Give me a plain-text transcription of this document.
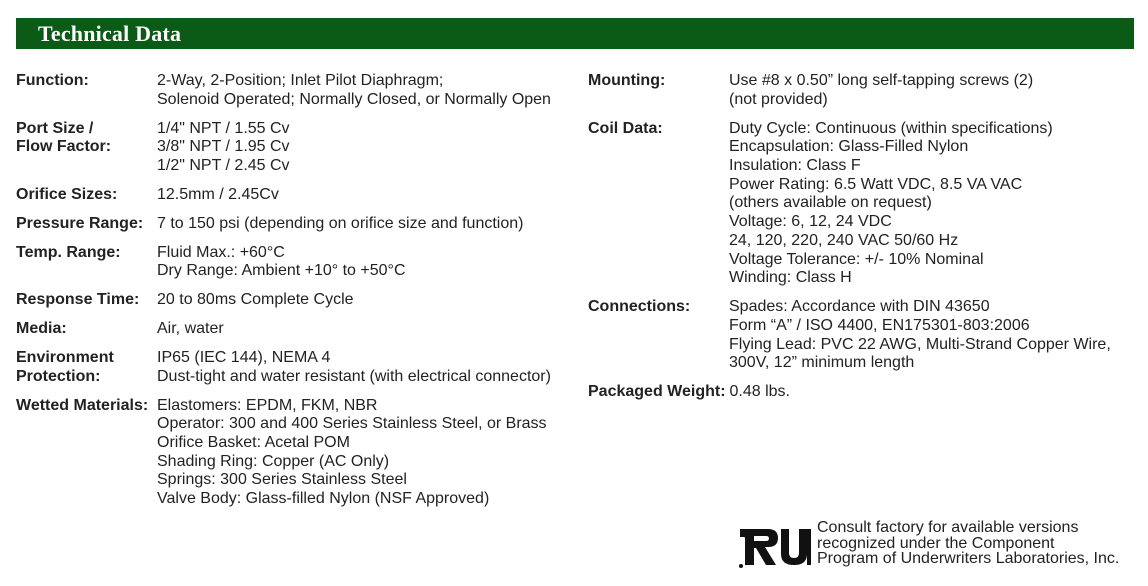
Technical Data
Function:	2-Way, 2-Position; Inlet Pilot Diaphragm;
Solenoid Operated; Normally Closed, or Normally Open
Port Size /
Flow Factor:
1/4" NPT / 1.55 Cv
3/8" NPT / 1.95 Cv
1/2" NPT / 2.45 Cv
Orifice Sizes:	12.5mm / 2.45Cv
Pressure Range: 7 to 150 psi (depending on orifice size and function)
Temp. Range:	Fluid Max.: +60°C
Dry Range: Ambient +10° to +50°C
Response Time:	20 to 80ms Complete Cycle
Media:	Air, water
Environment
Protection:
IP65 (IEC 144), NEMA 4
Dust-tight and water resistant (with electrical connector)
Wetted Materials: Elastomers: EPDM, FKM, NBR
Operator: 300 and 400 Series Stainless Steel, or Brass
Orifice Basket: Acetal POM
Shading Ring: Copper (AC Only)
Springs: 300 Series Stainless Steel
Valve Body: Glass-filled Nylon (NSF Approved)
Mounting:	Use #8 x 0.50” long self-tapping screws (2)
(not provided)
Coil Data:	Duty Cycle: Continuous (within specifications)
Encapsulation: Glass-Filled Nylon
Insulation: Class F
Power Rating: 6.5 Watt VDC, 8.5 VA VAC
(others available on request)
Voltage: 6, 12, 24 VDC
24, 120, 220, 240 VAC 50/60 Hz
Voltage Tolerance: +/- 10% Nominal
Winding: Class H
Connections:	Spades: Accordance with DIN 43650
Form “A” / ISO 4400, EN175301-803:2006
Flying Lead: PVC 22 AWG, Multi-Strand Copper Wire,
300V, 12” minimum length
Packaged Weight: 0.48 lbs.
Consult factory for available versions
recognized under the Component
Program of Underwriters Laboratories, Inc.
